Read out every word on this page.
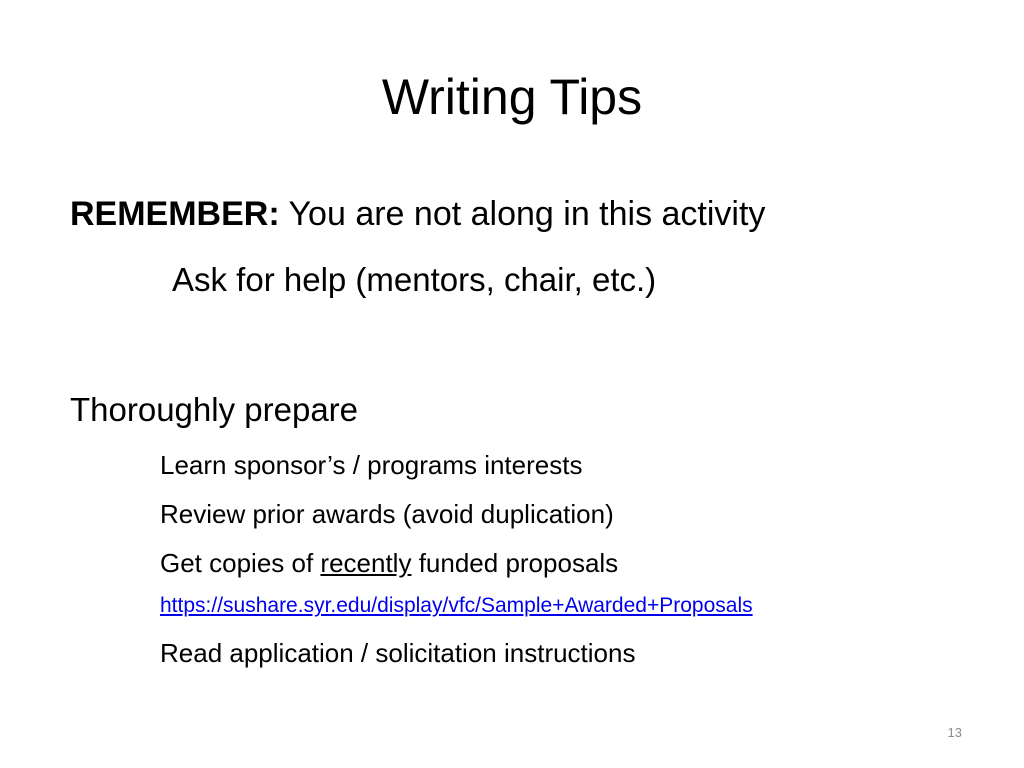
Writing Tips
REMEMBER: You are not along in this activity
Ask for help (mentors, chair, etc.)
Thoroughly prepare
Learn sponsor’s / programs interests
Review prior awards (avoid duplication)
Get copies of recently funded proposals
https://sushare.syr.edu/display/vfc/Sample+Awarded+Proposals
Read application / solicitation instructions
13
